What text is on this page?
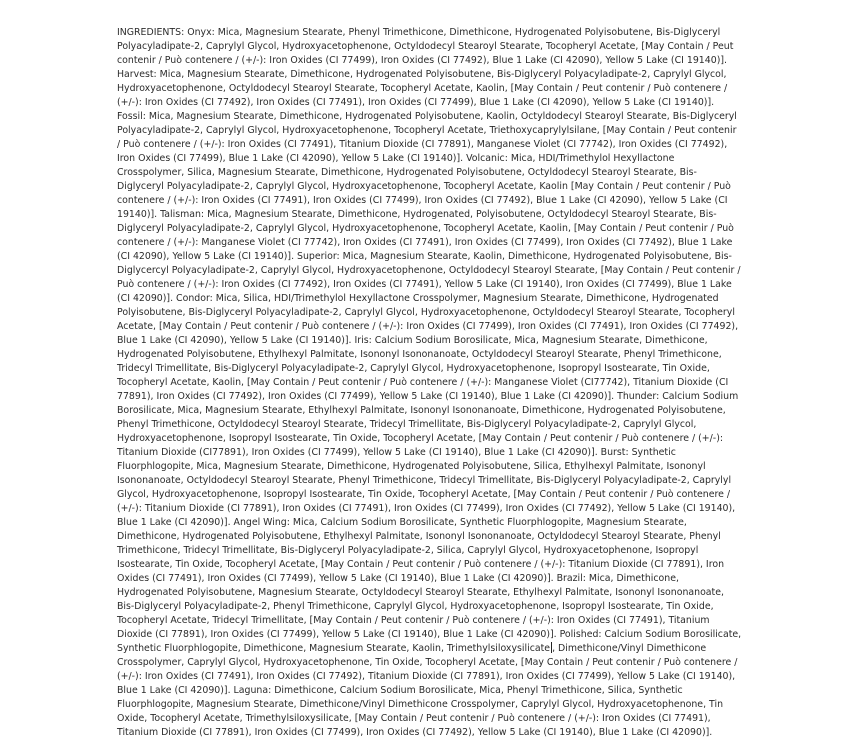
INGREDIENTS: Onyx: Mica, Magnesium Stearate, Phenyl Trimethicone, Dimethicone, Hydrogenated Polyisobutene, Bis-Diglyceryl Polyacyladipate-2, Caprylyl Glycol, Hydroxyacetophenone, Octyldodecyl Stearoyl Stearate, Tocopheryl Acetate, [May Contain / Peut contenir / Può contenere / (+/-): Iron Oxides (CI 77499), Iron Oxides (CI 77492), Blue 1 Lake (CI 42090), Yellow 5 Lake (CI 19140)]. Harvest: Mica, Magnesium Stearate, Dimethicone, Hydrogenated Polyisobutene, Bis-Diglyceryl Polyacyladipate-2, Caprylyl Glycol, Hydroxyacetophenone, Octyldodecyl Stearoyl Stearate, Tocopheryl Acetate, Kaolin, [May Contain / Peut contenir / Può contenere / (+/-): Iron Oxides (CI 77492), Iron Oxides (CI 77491), Iron Oxides (CI 77499), Blue 1 Lake (CI 42090), Yellow 5 Lake (CI 19140)]. Fossil: Mica, Magnesium Stearate, Dimethicone, Hydrogenated Polyisobutene, Kaolin, Octyldodecyl Stearoyl Stearate, Bis-Diglyceryl Polyacyladipate-2, Caprylyl Glycol, Hydroxyacetophenone, Tocopheryl Acetate, Triethoxycaprylylsilane, [May Contain / Peut contenir / Può contenere / (+/-): Iron Oxides (CI 77491), Titanium Dioxide (CI 77891), Manganese Violet (CI 77742), Iron Oxides (CI 77492), Iron Oxides (CI 77499), Blue 1 Lake (CI 42090), Yellow 5 Lake (CI 19140)]. Volcanic: Mica, HDI/Trimethylol Hexyllactone Crosspolymer, Silica, Magnesium Stearate, Dimethicone, Hydrogenated Polyisobutene, Octyldodecyl Stearoyl Stearate, Bis-Diglyceryl Polyacyladipate-2, Caprylyl Glycol, Hydroxyacetophenone, Tocopheryl Acetate, Kaolin [May Contain / Peut contenir / Può contenere / (+/-): Iron Oxides (CI 77491), Iron Oxides (CI 77499), Iron Oxides (CI 77492), Blue 1 Lake (CI 42090), Yellow 5 Lake (CI 19140)]. Talisman: Mica, Magnesium Stearate, Dimethicone, Hydrogenated, Polyisobutene, Octyldodecyl Stearoyl Stearate, Bis-Diglyceryl Polyacyladipate-2, Caprylyl Glycol, Hydroxyacetophenone, Tocopheryl Acetate, Kaolin, [May Contain / Peut contenir / Può contenere / (+/-): Manganese Violet (CI 77742), Iron Oxides (CI 77491), Iron Oxides (CI 77499), Iron Oxides (CI 77492), Blue 1 Lake (CI 42090), Yellow 5 Lake (CI 19140)]. Superior: Mica, Magnesium Stearate, Kaolin, Dimethicone, Hydrogenated Polyisobutene, Bis-Diglycercyl Polyacyladipate-2, Caprylyl Glycol, Hydroxyacetophenone, Octyldodecyl Stearoyl Stearate, [May Contain / Peut contenir / Può contenere / (+/-): Iron Oxides (CI 77492), Iron Oxides (CI 77491), Yellow 5 Lake (CI 19140), Iron Oxides (CI 77499), Blue 1 Lake (CI 42090)]. Condor: Mica, Silica, HDI/Trimethylol Hexyllactone Crosspolymer, Magnesium Stearate, Dimethicone, Hydrogenated Polyisobutene, Bis-Diglyceryl Polyacyladipate-2, Caprylyl Glycol, Hydroxyacetophenone, Octyldodecyl Stearoyl Stearate, Tocopheryl Acetate, [May Contain / Peut contenir / Può contenere / (+/-): Iron Oxides (CI 77499), Iron Oxides (CI 77491), Iron Oxides (CI 77492), Blue 1 Lake (CI 42090), Yellow 5 Lake (CI 19140)]. Iris: Calcium Sodium Borosilicate, Mica, Magnesium Stearate, Dimethicone, Hydrogenated Polyisobutene, Ethylhexyl Palmitate, Isononyl Isononanoate, Octyldodecyl Stearoyl Stearate, Phenyl Trimethicone, Tridecyl Trimellitate, Bis-Diglyceryl Polyacyladipate-2, Caprylyl Glycol, Hydroxyacetophenone, Isopropyl Isostearate, Tin Oxide, Tocopheryl Acetate, Kaolin, [May Contain / Peut contenir / Può contenere / (+/-): Manganese Violet (CI77742), Titanium Dioxide (CI 77891), Iron Oxides (CI 77492), Iron Oxides (CI 77499), Yellow 5 Lake (CI 19140), Blue 1 Lake (CI 42090)]. Thunder: Calcium Sodium Borosilicate, Mica, Magnesium Stearate, Ethylhexyl Palmitate, Isononyl Isononanoate, Dimethicone, Hydrogenated Polyisobutene, Phenyl Trimethicone, Octyldodecyl Stearoyl Stearate, Tridecyl Trimellitate, Bis-Diglyceryl Polyacyladipate-2, Caprylyl Glycol, Hydroxyacetophenone, Isopropyl Isostearate, Tin Oxide, Tocopheryl Acetate, [May Contain / Peut contenir / Può contenere / (+/-): Titanium Dioxide (CI77891), Iron Oxides (CI 77499), Yellow 5 Lake (CI 19140), Blue 1 Lake (CI 42090)]. Burst: Synthetic Fluorphlogopite, Mica, Magnesium Stearate, Dimethicone, Hydrogenated Polyisobutene, Silica, Ethylhexyl Palmitate, Isononyl Isononanoate, Octyldodecyl Stearoyl Stearate, Phenyl Trimethicone, Tridecyl Trimellitate, Bis-Diglyceryl Polyacyladipate-2, Caprylyl Glycol, Hydroxyacetophenone, Isopropyl Isostearate, Tin Oxide, Tocopheryl Acetate, [May Contain / Peut contenir / Può contenere / (+/-): Titanium Dioxide (CI 77891), Iron Oxides (CI 77491), Iron Oxides (CI 77499), Iron Oxides (CI 77492), Yellow 5 Lake (CI 19140), Blue 1 Lake (CI 42090)]. Angel Wing: Mica, Calcium Sodium Borosilicate, Synthetic Fluorphlogopite, Magnesium Stearate, Dimethicone, Hydrogenated Polyisobutene, Ethylhexyl Palmitate, Isononyl Isononanoate, Octyldodecyl Stearoyl Stearate, Phenyl Trimethicone, Tridecyl Trimellitate, Bis-Diglyceryl Polyacyladipate-2, Silica, Caprylyl Glycol, Hydroxyacetophenone, Isopropyl Isostearate, Tin Oxide, Tocopheryl Acetate, [May Contain / Peut contenir / Può contenere / (+/-): Titanium Dioxide (CI 77891), Iron Oxides (CI 77491), Iron Oxides (CI 77499), Yellow 5 Lake (CI 19140), Blue 1 Lake (CI 42090)]. Brazil: Mica, Dimethicone, Hydrogenated Polyisobutene, Magnesium Stearate, Octyldodecyl Stearoyl Stearate, Ethylhexyl Palmitate, Isononyl Isononanoate, Bis-Diglyceryl Polyacyladipate-2, Phenyl Trimethicone, Caprylyl Glycol, Hydroxyacetophenone, Isopropyl Isostearate, Tin Oxide, Tocopheryl Acetate, Tridecyl Trimellitate, [May Contain / Peut contenir / Può contenere / (+/-): Iron Oxides (CI 77491), Titanium Dioxide (CI 77891), Iron Oxides (CI 77499), Yellow 5 Lake (CI 19140), Blue 1 Lake (CI 42090)]. Polished: Calcium Sodium Borosilicate, Synthetic Fluorphlogopite, Dimethicone, Magnesium Stearate, Kaolin, Trimethylsiloxysilicate , Dimethicone/Vinyl Dimethicone Crosspolymer, Caprylyl Glycol, Hydroxyacetophenone, Tin Oxide, Tocopheryl Acetate, [May Contain / Peut contenir / Può contenere / (+/-): Iron Oxides (CI 77491), Iron Oxides (CI 77492), Titanium Dioxide (CI 77891), Iron Oxides (CI 77499), Yellow 5 Lake (CI 19140), Blue 1 Lake (CI 42090)]. Laguna: Dimethicone, Calcium Sodium Borosilicate, Mica, Phenyl Trimethicone, Silica, Synthetic Fluorphlogopite, Magnesium Stearate, Dimethicone/Vinyl Dimethicone Crosspolymer, Caprylyl Glycol, Hydroxyacetophenone, Tin Oxide, Tocopheryl Acetate, Trimethylsiloxysilicate, [May Contain / Peut contenir / Può contenere / (+/-): Iron Oxides (CI 77491), Titanium Dioxide (CI 77891), Iron Oxides (CI 77499), Iron Oxides (CI 77492), Yellow 5 Lake (CI 19140), Blue 1 Lake (CI 42090)].
